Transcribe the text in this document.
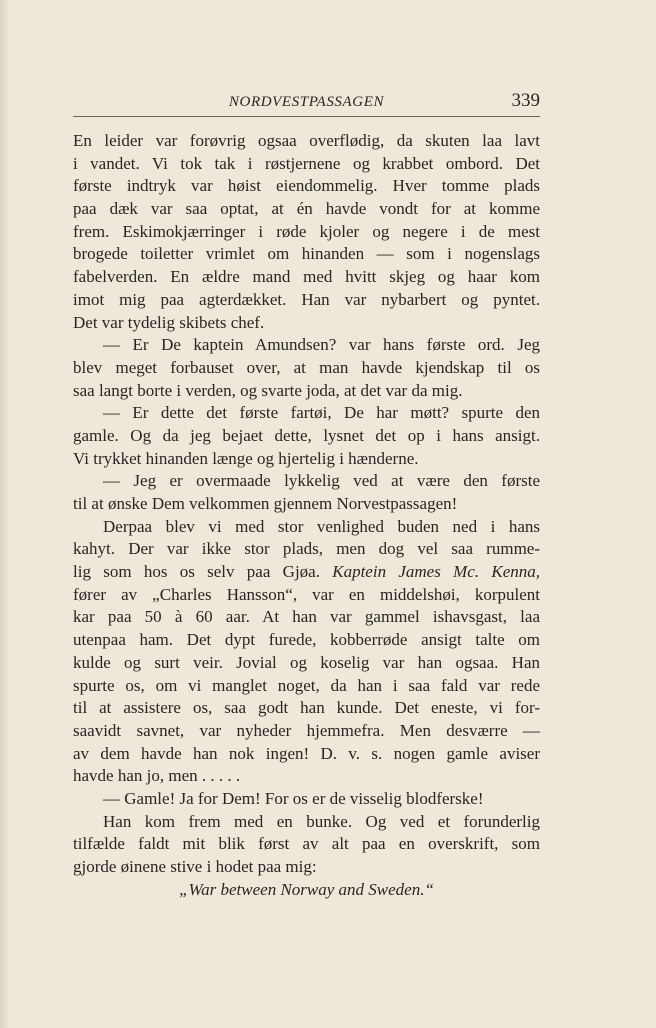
NORDVESTPASSAGEN	339
En leider var forøvrig ogsaa overflødig, da skuten laa lavt
i vandet. Vi tok tak i røstjernene og krabbet ombord. Det
første indtryk var høist eiendommelig. Hver tomme plads
paa dæk var saa optat, at én havde vondt for at komme
frem. Eskimokjærringer i røde kjoler og negere i de mest
brogede toiletter vrimlet om hinanden — som i nogenslags
fabelverden. En ældre mand med hvitt skjeg og haar kom
imot mig paa agterdækket. Han var nybarbert og pyntet.
Det var tydelig skibets chef.
— Er De kaptein Amundsen? var hans første ord. Jeg
blev meget forbauset over, at man havde kjendskap til os
saa langt borte i verden, og svarte joda, at det var da mig.
— Er dette det første fartøi, De har møtt? spurte den
gamle. Og da jeg bejaet dette, lysnet det op i hans ansigt.
Vi trykket hinanden længe og hjertelig i hænderne.
— Jeg er overmaade lykkelig ved at være den første
til at ønske Dem velkommen gjennem Norvestpassagen!
Derpaa blev vi med stor venlighed buden ned i hans
kahyt. Der var ikke stor plads, men dog vel saa rumme-
lig som hos os selv paa Gjøa. Kaptein James Mc. Kenna,
fører av „Charles Hansson“, var en middelshøi, korpulent
kar paa 50 à 60 aar. At han var gammel ishavsgast, laa
utenpaa ham. Det dypt furede, kobberrøde ansigt talte om
kulde og surt veir. Jovial og koselig var han ogsaa. Han
spurte os, om vi manglet noget, da han i saa fald var rede
til at assistere os, saa godt han kunde. Det eneste, vi for-
saavidt savnet, var nyheder hjemmefra. Men desværre —
av dem havde han nok ingen! D. v. s. nogen gamle aviser
havde han jo, men . . . . .
— Gamle! Ja for Dem! For os er de visselig blodferske!
Han kom frem med en bunke. Og ved et forunderlig
tilfælde faldt mit blik først av alt paa en overskrift, som
gjorde øinene stive i hodet paa mig:
„War between Norway and Sweden.“
